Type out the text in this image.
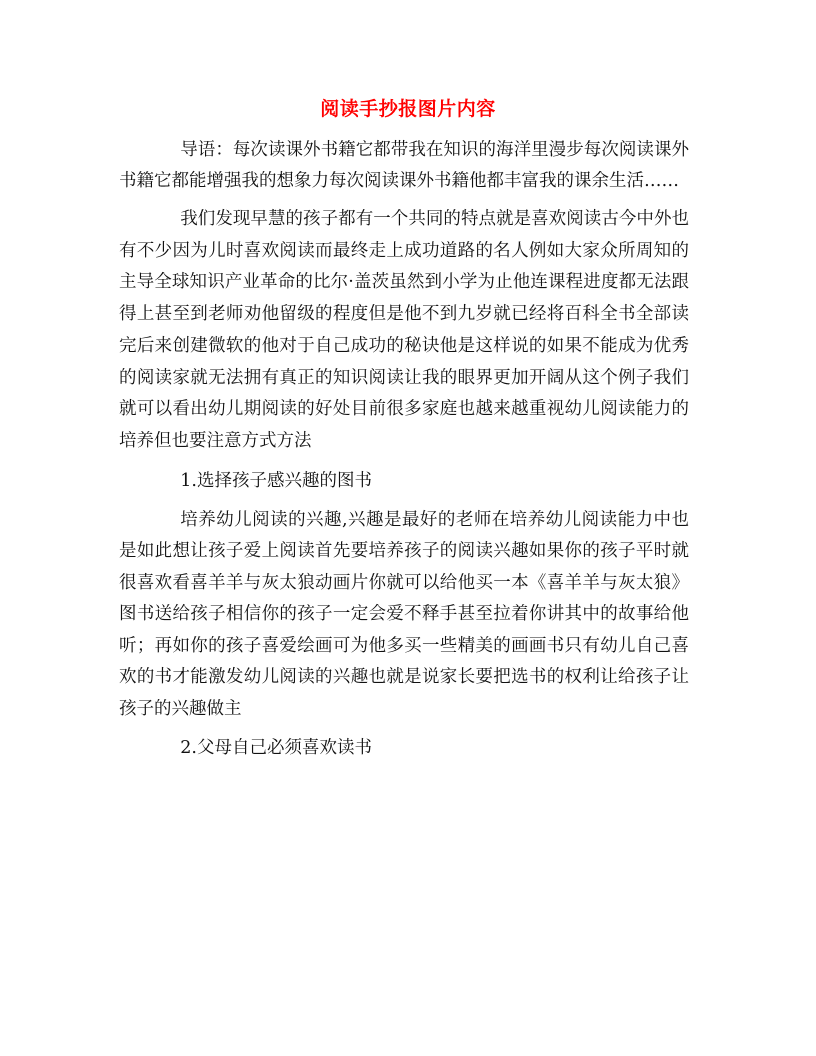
阅读手抄报图片内容

导语：每次读课外书籍它都带我在知识的海洋里漫步每次阅读课外书籍它都能增强我的想象力每次阅读课外书籍他都丰富我的课余生活……

我们发现早慧的孩子都有一个共同的特点就是喜欢阅读古今中外也有不少因为儿时喜欢阅读而最终走上成功道路的名人例如大家众所周知的主导全球知识产业革命的比尔·盖茨虽然到小学为止他连课程进度都无法跟得上甚至到老师劝他留级的程度但是他不到九岁就已经将百科全书全部读完后来创建微软的他对于自己成功的秘诀他是这样说的如果不能成为优秀的阅读家就无法拥有真正的知识阅读让我的眼界更加开阔从这个例子我们就可以看出幼儿期阅读的好处目前很多家庭也越来越重视幼儿阅读能力的培养但也要注意方式方法

1.选择孩子感兴趣的图书

培养幼儿阅读的兴趣,兴趣是最好的老师在培养幼儿阅读能力中也是如此想让孩子爱上阅读首先要培养孩子的阅读兴趣如果你的孩子平时就很喜欢看喜羊羊与灰太狼动画片你就可以给他买一本《喜羊羊与灰太狼》图书送给孩子相信你的孩子一定会爱不释手甚至拉着你讲其中的故事给他听；再如你的孩子喜爱绘画可为他多买一些精美的画画书只有幼儿自己喜欢的书才能激发幼儿阅读的兴趣也就是说家长要把选书的权利让给孩子让孩子的兴趣做主

2.父母自己必须喜欢读书
